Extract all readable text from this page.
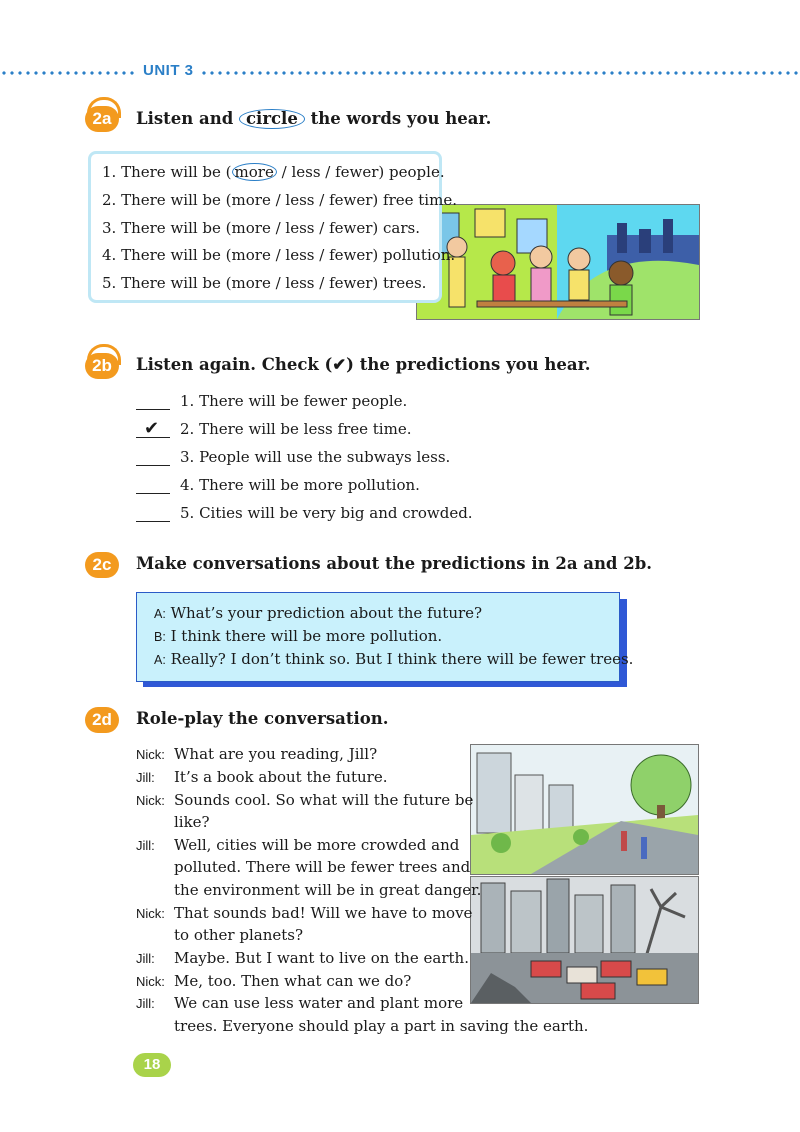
UNIT 3
2a	Listen and circle the words you hear.
1. There will be ( more / less / fewer) people.
2. There will be (more / less / fewer) free time.
3. There will be (more / less / fewer) cars.
4. There will be (more / less / fewer) pollution.
5. There will be (more / less / fewer) trees.
2b	Listen again. Check (✔) the predictions you hear.
1. There will be fewer people.
✔ 2. There will be less free time.
3. People will use the subways less.
4. There will be more pollution.
5. Cities will be very big and crowded.
2c	Make conversations about the predictions in 2a and 2b.
A: What’s your prediction about the future?
B: I think there will be more pollution.
A: Really? I don’t think so. But I think there will be fewer trees.
2d	Role-play the conversation.
Nick: What are you reading, Jill?
Jill: It’s a book about the future.
Nick: Sounds cool. So what will the future be
like?
Jill: Well, cities will be more crowded and
polluted. There will be fewer trees and
the environment will be in great danger.
Nick: That sounds bad! Will we have to move
to other planets?
Jill: Maybe. But I want to live on the earth.
Nick: Me, too. Then what can we do?
Jill: We can use less water and plant more
trees. Everyone should play a part in saving the earth.
18
